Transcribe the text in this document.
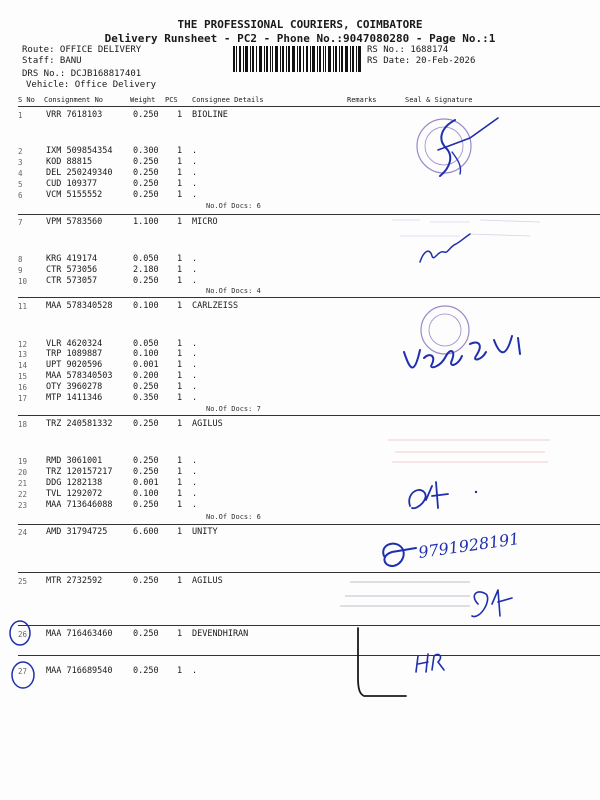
THE PROFESSIONAL COURIERS, COIMBATORE
Delivery Runsheet - PC2 - Phone No.:9047080280 - Page No.:1
Route: OFFICE DELIVERY
Staff: BANU
DRS No.: DCJB168817401
Vehicle: Office Delivery
RS No.: 1688174
RS Date: 20-Feb-2026
S No Consignment No	Weight PCS Consignee Details	Remarks	Seal & Signature
1	VRR 7618103	0.250 1 BIOLINE
2	IXM 509854354 0.300 1 .
3	KOD 88815	0.250 1 .
4	DEL 250249340 0.250 1 .
5	CUD 109377	0.250 1 .
6	VCM 5155552	0.250 1 .
7	VPM 5783560	1.100 1 MICRO
8	KRG 419174	0.050 1 .
9	CTR 573056	2.180 1 .
10 CTR 573057	0.250 1 .
11 MAA 578340528 0.100 1 CARLZEISS
12 VLR 4620324	0.050 1 .
13 TRP 1089887	0.100 1 .
14 UPT 9020596	0.001 1 .
15 MAA 578340503 0.200 1 .
16 OTY 3960278	0.250 1 .
17 MTP 1411346	0.350 1 .
18 TRZ 240581332 0.250 1 AGILUS
19 RMD 3061001	0.250 1 .
20 TRZ 120157217 0.250 1 .
21 DDG 1282138	0.001 1 .
22 TVL 1292072	0.100 1 .
23 MAA 713646088 0.250 1 .
24 AMD 31794725	6.600 1 UNITY
25 MTR 2732592	0.250 1 AGILUS
26 MAA 716463460 0.250 1 DEVENDHIRAN
27 MAA 716689540 0.250 1 .
No.Of Docs: 6
No.Of Docs: 4
No.Of Docs: 7
No.Of Docs: 6
9791928191
